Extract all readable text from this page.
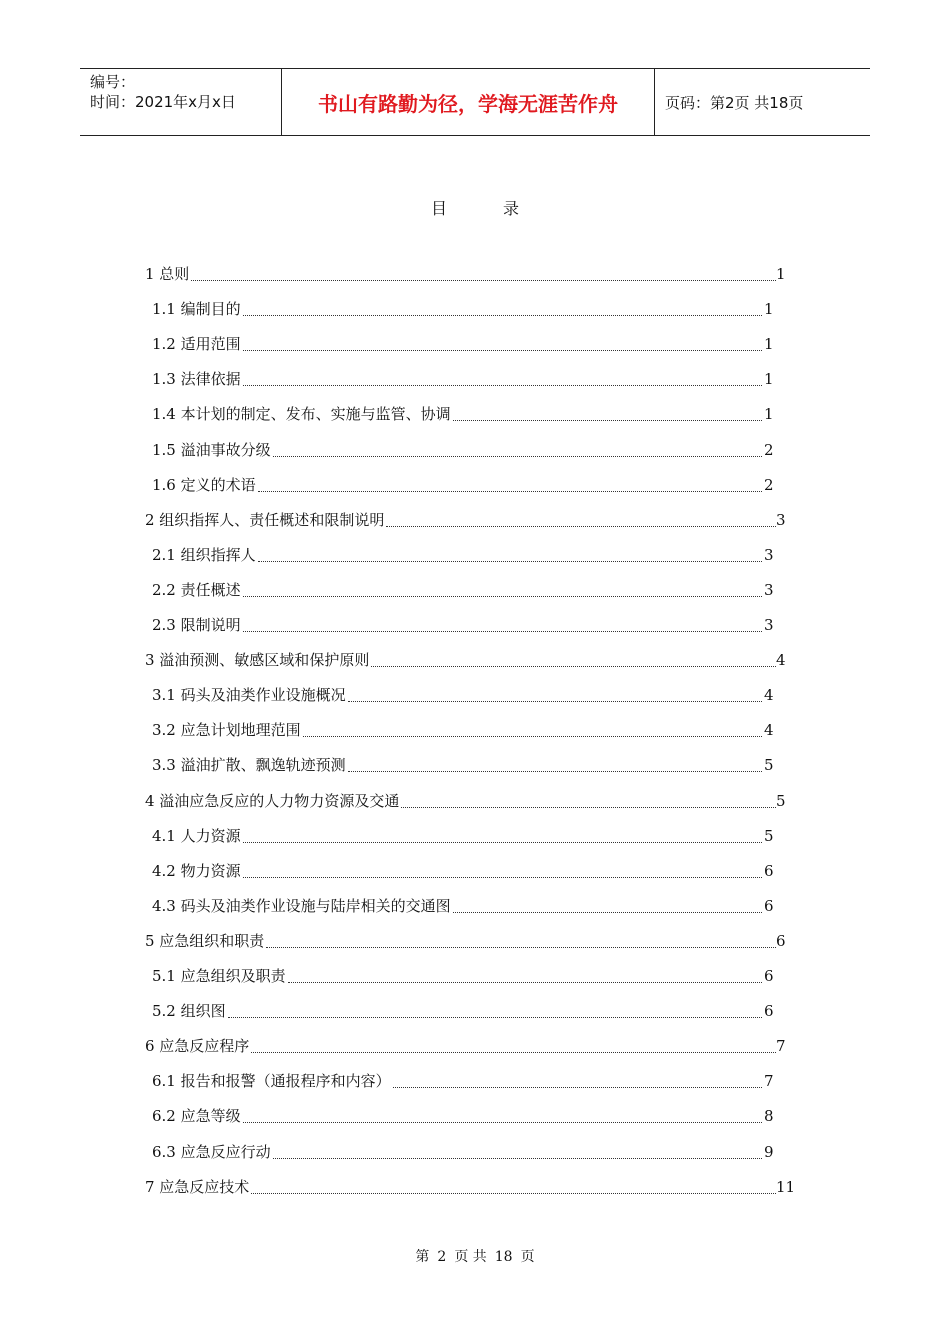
编号：
时间：2021年x月x日	书山有路勤为径，学海无涯苦作舟	页码：第2页 共18页
目录
1 总则	1
1.1 编制目的	1
1.2 适用范围	1
1.3 法律依据	1
1.4 本计划的制定、发布、实施与监管、协调	1
1.5 溢油事故分级	2
1.6 定义的术语	2
2 组织指挥人、责任概述和限制说明	3
2.1 组织指挥人	3
2.2 责任概述	3
2.3 限制说明	3
3 溢油预测、敏感区域和保护原则	4
3.1 码头及油类作业设施概况	4
3.2 应急计划地理范围	4
3.3 溢油扩散、飘逸轨迹预测	5
4 溢油应急反应的人力物力资源及交通	5
4.1 人力资源	5
4.2 物力资源	6
4.3 码头及油类作业设施与陆岸相关的交通图	6
5 应急组织和职责	6
5.1 应急组织及职责	6
5.2 组织图	6
6 应急反应程序	7
6.1 报告和报警（通报程序和内容）	7
6.2 应急等级	8
6.3 应急反应行动	9
7 应急反应技术	11
第 2 页 共 18 页
